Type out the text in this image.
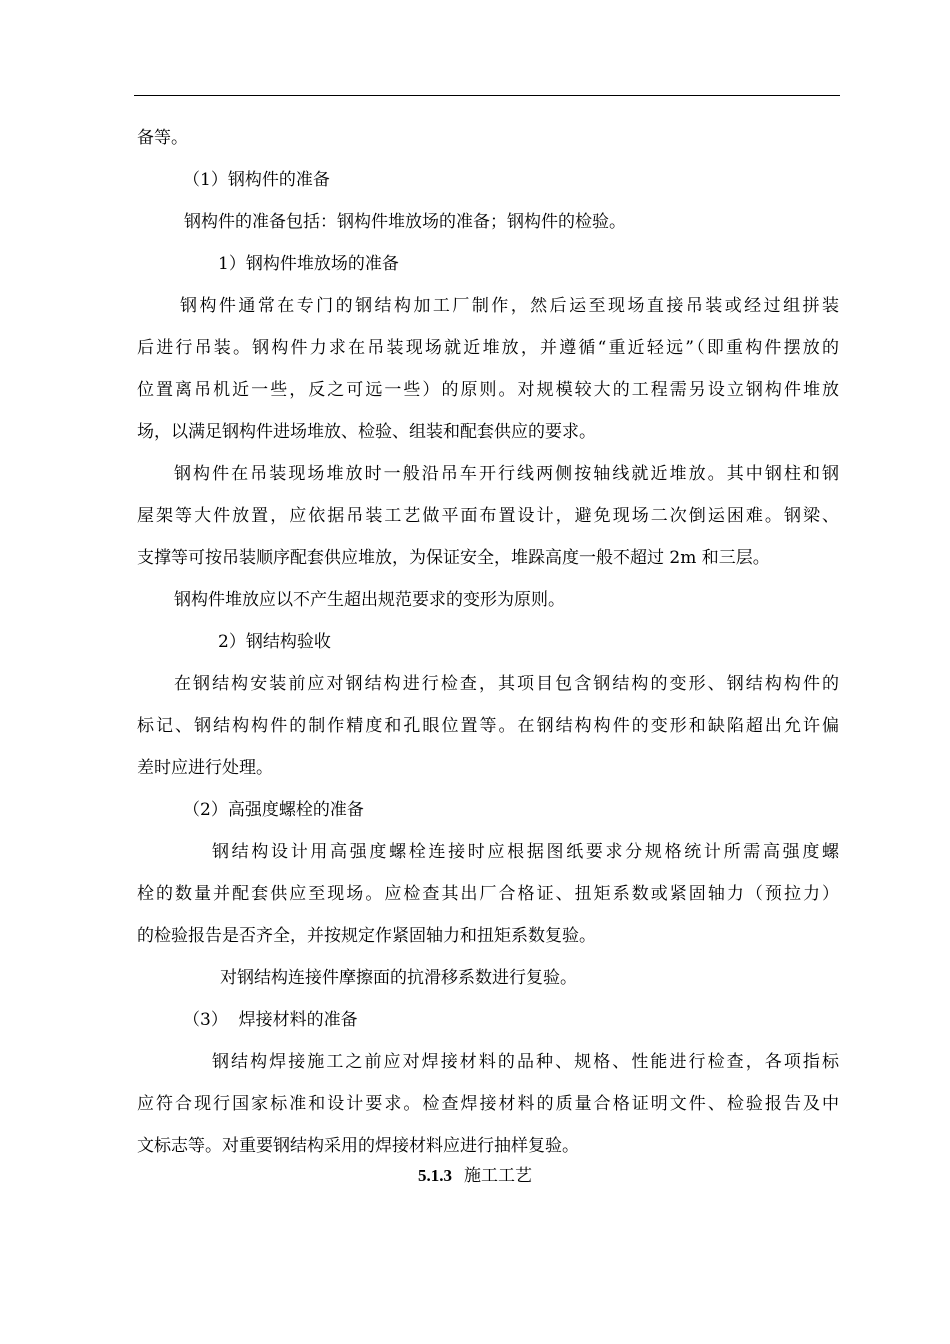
备等。
（1）钢构件的准备
钢构件的准备包括：钢构件堆放场的准备；钢构件的检验。
1）钢构件堆放场的准备
钢构件通常在专门的钢结构加工厂制作，然后运至现场直接吊装或经过组拼装
后进行吊装。钢构件力求在吊装现场就近堆放，并遵循“重近轻远”（即重构件摆放的
位置离吊机近一些，反之可远一些）的原则。对规模较大的工程需另设立钢构件堆放
场，以满足钢构件进场堆放、检验、组装和配套供应的要求。
钢构件在吊装现场堆放时一般沿吊车开行线两侧按轴线就近堆放。其中钢柱和钢
屋架等大件放置，应依据吊装工艺做平面布置设计，避免现场二次倒运困难。钢梁、
支撑等可按吊装顺序配套供应堆放，为保证安全，堆跺高度一般不超过 2m 和三层。
钢构件堆放应以不产生超出规范要求的变形为原则。
2）钢结构验收
在钢结构安装前应对钢结构进行检查，其项目包含钢结构的变形、钢结构构件的
标记、钢结构构件的制作精度和孔眼位置等。在钢结构构件的变形和缺陷超出允许偏
差时应进行处理。
（2）高强度螺栓的准备
钢结构设计用高强度螺栓连接时应根据图纸要求分规格统计所需高强度螺
栓的数量并配套供应至现场。应检查其出厂合格证、扭矩系数或紧固轴力（预拉力）
的检验报告是否齐全，并按规定作紧固轴力和扭矩系数复验。
对钢结构连接件摩擦面的抗滑移系数进行复验。
（3）  焊接材料的准备
钢结构焊接施工之前应对焊接材料的品种、规格、性能进行检查，各项指标
应符合现行国家标准和设计要求。检查焊接材料的质量合格证明文件、检验报告及中
文标志等。对重要钢结构采用的焊接材料应进行抽样复验。
5.1.3 施工工艺
